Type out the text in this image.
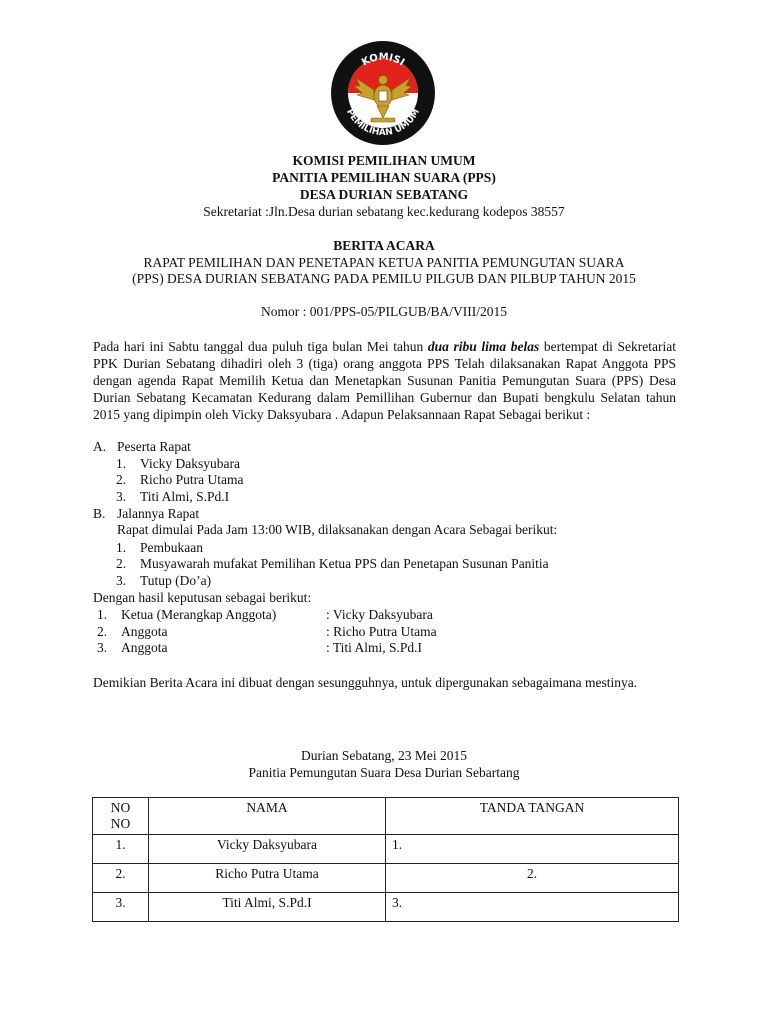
KOMISI
PEMILIHAN UMUM
KOMISI PEMILIHAN UMUM
PANITIA PEMILIHAN SUARA (PPS)
DESA DURIAN SEBATANG
Sekretariat :Jln.Desa durian sebatang kec.kedurang kodepos 38557
BERITA ACARA
RAPAT PEMILIHAN DAN PENETAPAN KETUA PANITIA PEMUNGUTAN SUARA
(PPS) DESA DURIAN SEBATANG PADA PEMILU PILGUB DAN PILBUP TAHUN 2015
Nomor : 001/PPS-05/PILGUB/BA/VIII/2015
Pada hari ini Sabtu tanggal dua puluh tiga bulan Mei tahun dua ribu lima belas bertempat di Sekretariat PPK Durian Sebatang dihadiri oleh 3 (tiga) orang anggota PPS Telah dilaksanakan Rapat Anggota PPS dengan agenda Rapat Memilih Ketua dan Menetapkan Susunan Panitia Pemungutan Suara (PPS) Desa Durian Sebatang Kecamatan Kedurang dalam Pemillihan Gubernur dan Bupati bengkulu Selatan tahun 2015 yang dipimpin oleh Vicky Daksyubara . Adapun Pelaksannaan Rapat Sebagai berikut :
A. Peserta Rapat
1. Vicky Daksyubara
2. Richo Putra Utama
3. Titi Almi, S.Pd.I
B. Jalannya Rapat
Rapat dimulai Pada Jam 13:00 WIB, dilaksanakan dengan Acara Sebagai berikut:
1. Pembukaan
2. Musyawarah mufakat Pemilihan Ketua PPS dan Penetapan Susunan Panitia
3. Tutup (Do’a)
Dengan hasil keputusan sebagai berikut:
1. Ketua (Merangkap Anggota)	: Vicky Daksyubara
2. Anggota	: Richo Putra Utama
3. Anggota	: Titi Almi, S.Pd.I
Demikian Berita Acara ini dibuat dengan sesungguhnya, untuk dipergunakan sebagaimana mestinya.
Durian Sebatang, 23 Mei 2015
Panitia Pemungutan Suara Desa Durian Sebartang
NO
NO	NAMA	TANDA TANGAN
1.	Vicky Daksyubara	1.
2.	Richo Putra Utama	2.
3.	Titi Almi, S.Pd.I	3.
